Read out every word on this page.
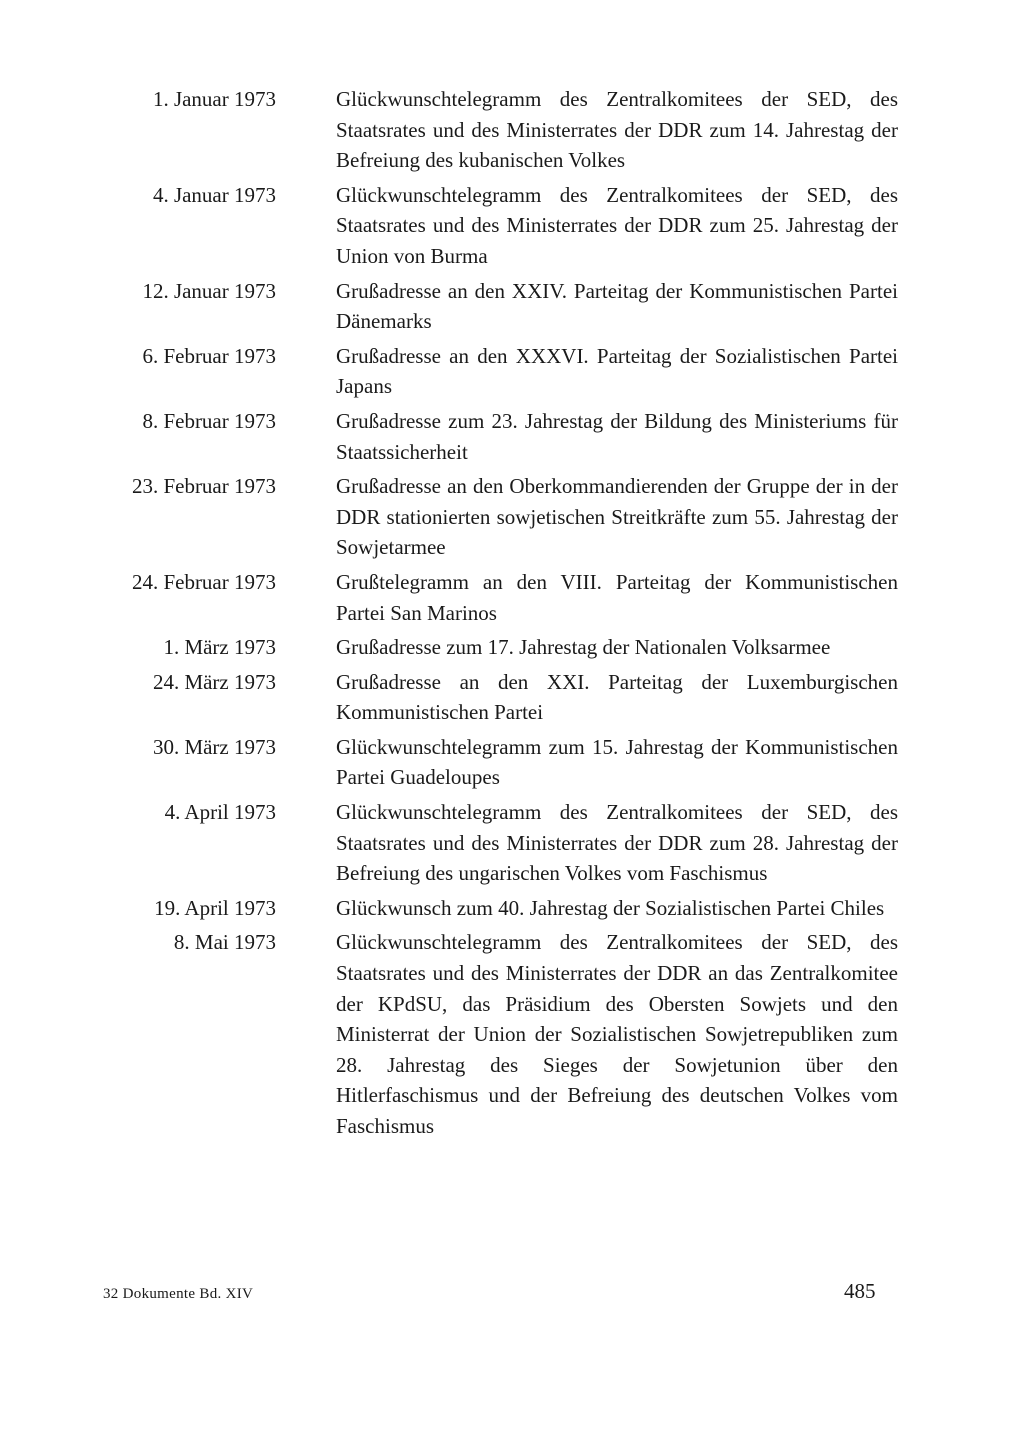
1. Januar 1973	Glückwunschtelegramm des Zentralkomitees der SED, des Staatsrates und des Ministerrates der DDR zum 14. Jahrestag der Befreiung des kubanischen Volkes
4. Januar 1973	Glückwunschtelegramm des Zentralkomitees der SED, des Staatsrates und des Ministerrates der DDR zum 25. Jahrestag der Union von Burma
12. Januar 1973	Grußadresse an den XXIV. Parteitag der Kommunistischen Partei Dänemarks
6. Februar 1973	Grußadresse an den XXXVI. Parteitag der Sozialistischen Partei Japans
8. Februar 1973	Grußadresse zum 23. Jahrestag der Bildung des Ministeriums für Staatssicherheit
23. Februar 1973	Grußadresse an den Oberkommandierenden der Gruppe der in der DDR stationierten sowjetischen Streitkräfte zum 55. Jahrestag der Sowjetarmee
24. Februar 1973	Grußtelegramm an den VIII. Parteitag der Kommunistischen Partei San Marinos
1. März 1973	Grußadresse zum 17. Jahrestag der Nationalen Volksarmee
24. März 1973	Grußadresse an den XXI. Parteitag der Luxemburgischen Kommunistischen Partei
30. März 1973	Glückwunschtelegramm zum 15. Jahrestag der Kommunistischen Partei Guadeloupes
4. April 1973	Glückwunschtelegramm des Zentralkomitees der SED, des Staatsrates und des Ministerrates der DDR zum 28. Jahrestag der Befreiung des ungarischen Volkes vom Faschismus
19. April 1973	Glückwunsch zum 40. Jahrestag der Sozialistischen Partei Chiles
8. Mai 1973	Glückwunschtelegramm des Zentralkomitees der SED, des Staatsrates und des Ministerrates der DDR an das Zentralkomitee der KPdSU, das Präsidium des Obersten Sowjets und den Ministerrat der Union der Sozialistischen Sowjetrepubliken zum 28. Jahrestag des Sieges der Sowjetunion über den Hitlerfaschismus und der Befreiung des deutschen Volkes vom Faschismus
32 Dokumente Bd. XIV	485
